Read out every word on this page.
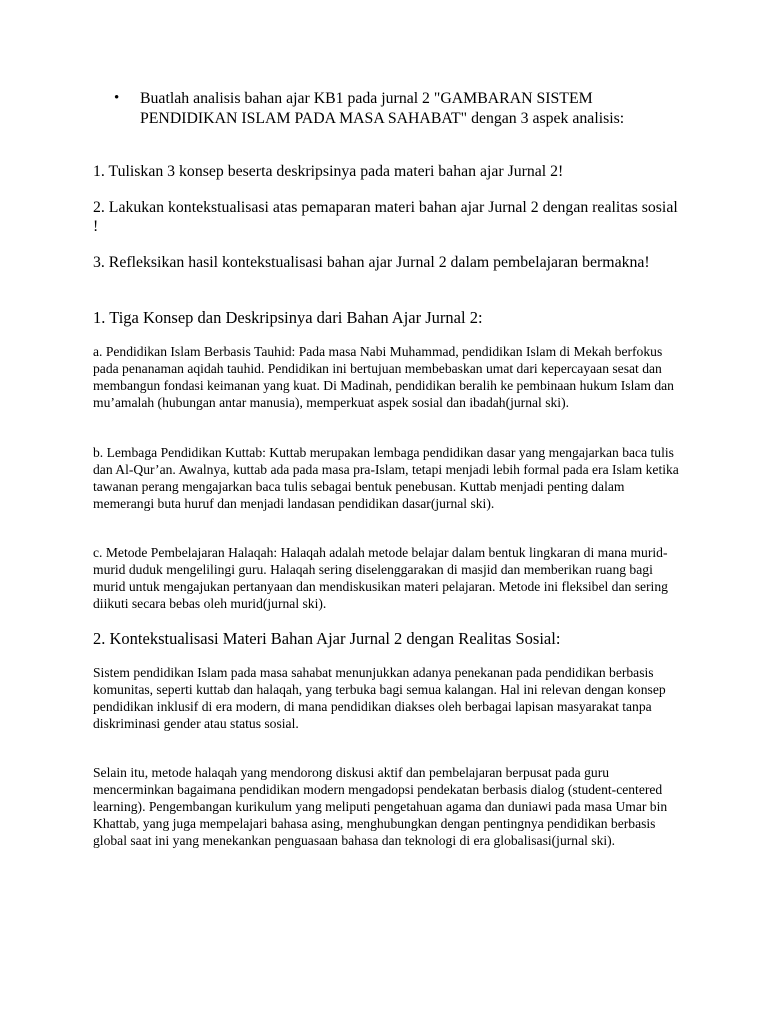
•	Buatlah analisis bahan ajar KB1 pada jurnal 2 "GAMBARAN SISTEM PENDIDIKAN ISLAM PADA MASA SAHABAT" dengan 3 aspek analisis:
1. Tuliskan 3 konsep beserta deskripsinya pada materi bahan ajar Jurnal 2!
2. Lakukan kontekstualisasi atas pemaparan materi bahan ajar Jurnal 2 dengan realitas sosial !
3. Refleksikan hasil kontekstualisasi bahan ajar Jurnal 2 dalam pembelajaran bermakna!
1. Tiga Konsep dan Deskripsinya dari Bahan Ajar Jurnal 2:
a. Pendidikan Islam Berbasis Tauhid: Pada masa Nabi Muhammad, pendidikan Islam di Mekah berfokus pada penanaman aqidah tauhid. Pendidikan ini bertujuan membebaskan umat dari kepercayaan sesat dan membangun fondasi keimanan yang kuat. Di Madinah, pendidikan beralih ke pembinaan hukum Islam dan mu’amalah (hubungan antar manusia), memperkuat aspek sosial dan ibadah(jurnal ski).
b. Lembaga Pendidikan Kuttab: Kuttab merupakan lembaga pendidikan dasar yang mengajarkan baca tulis dan Al-Qur’an. Awalnya, kuttab ada pada masa pra-Islam, tetapi menjadi lebih formal pada era Islam ketika tawanan perang mengajarkan baca tulis sebagai bentuk penebusan. Kuttab menjadi penting dalam memerangi buta huruf dan menjadi landasan pendidikan dasar(jurnal ski).
c. Metode Pembelajaran Halaqah: Halaqah adalah metode belajar dalam bentuk lingkaran di mana murid-murid duduk mengelilingi guru. Halaqah sering diselenggarakan di masjid dan memberikan ruang bagi murid untuk mengajukan pertanyaan dan mendiskusikan materi pelajaran. Metode ini fleksibel dan sering diikuti secara bebas oleh murid(jurnal ski).
2. Kontekstualisasi Materi Bahan Ajar Jurnal 2 dengan Realitas Sosial:
Sistem pendidikan Islam pada masa sahabat menunjukkan adanya penekanan pada pendidikan berbasis komunitas, seperti kuttab dan halaqah, yang terbuka bagi semua kalangan. Hal ini relevan dengan konsep pendidikan inklusif di era modern, di mana pendidikan diakses oleh berbagai lapisan masyarakat tanpa diskriminasi gender atau status sosial.
Selain itu, metode halaqah yang mendorong diskusi aktif dan pembelajaran berpusat pada guru mencerminkan bagaimana pendidikan modern mengadopsi pendekatan berbasis dialog (student-centered learning). Pengembangan kurikulum yang meliputi pengetahuan agama dan duniawi pada masa Umar bin Khattab, yang juga mempelajari bahasa asing, menghubungkan dengan pentingnya pendidikan berbasis global saat ini yang menekankan penguasaan bahasa dan teknologi di era globalisasi(jurnal ski).
